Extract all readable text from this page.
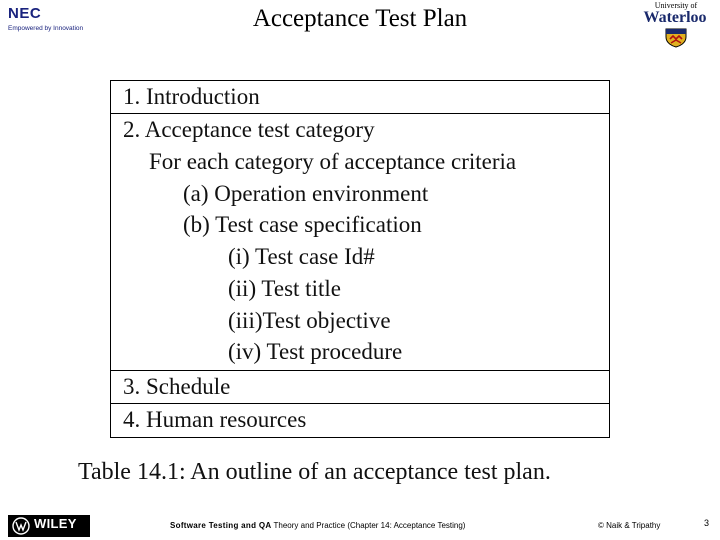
NEC
Empowered by Innovation	Acceptance Test Plan	University of
Waterloo
1. Introduction
2. Acceptance test category
For each category of acceptance criteria
(a) Operation environment
(b) Test case specification
(i) Test case Id#
(ii) Test title
(iii)Test objective
(iv) Test procedure
3. Schedule
4. Human resources
Table 14.1: An outline of an acceptance test plan.
WILEY	Software Testing and QA Theory and Practice (Chapter 14: Acceptance Testing)	© Naik & Tripathy	3
